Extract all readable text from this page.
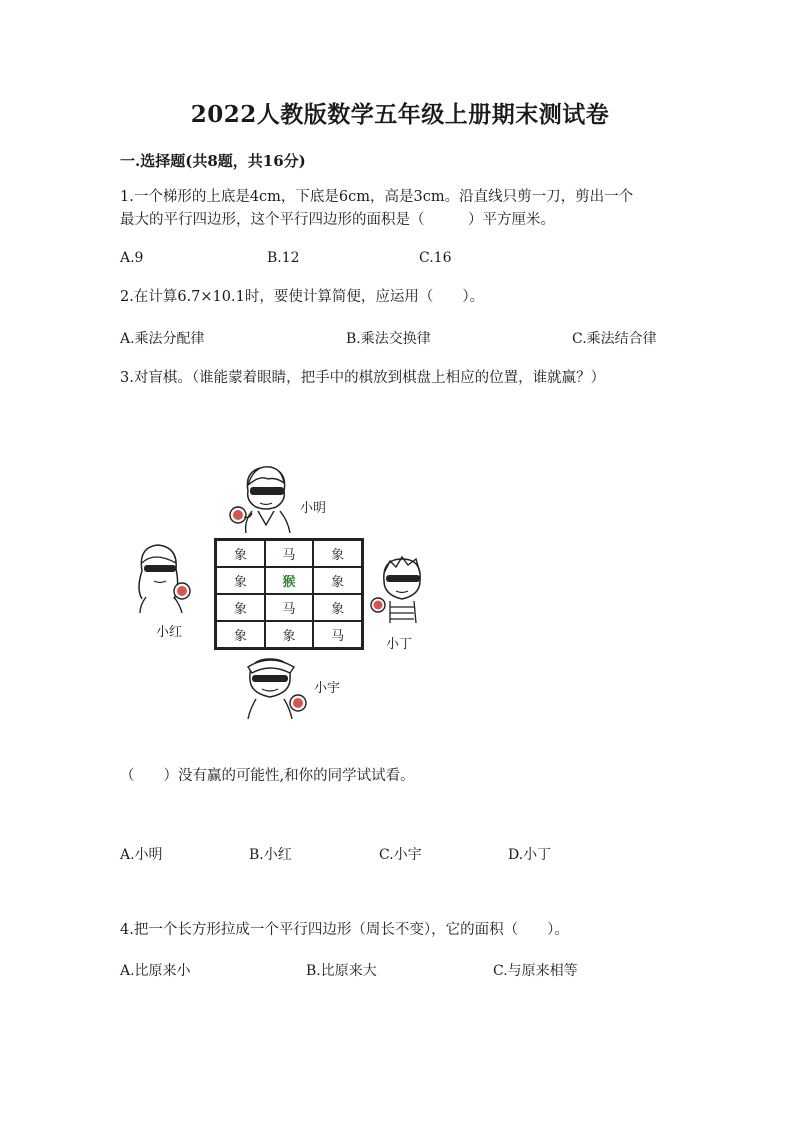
2022人教版数学五年级上册期末测试卷
一.选择题(共8题，共16分)
1.一个梯形的上底是4cm，下底是6cm，高是3cm。沿直线只剪一刀，剪出一个
最大的平行四边形，这个平行四边形的面积是（　　　）平方厘米。
A.9	B.12	C.16
2.在计算6.7×10.1时，要使计算简便，应运用（　　）。
A.乘法分配律	B.乘法交换律	C.乘法结合律
3.对盲棋。（谁能蒙着眼睛，把手中的棋放到棋盘上相应的位置，谁就赢？）
小明
小红
象	马	象
象	猴	象
象	马	象
象	象	马
小丁
小宇
（　　）没有赢的可能性,和你的同学试试看。
A.小明	B.小红	C.小宇	D.小丁
4.把一个长方形拉成一个平行四边形（周长不变），它的面积（　　）。
A.比原来小	B.比原来大	C.与原来相等
